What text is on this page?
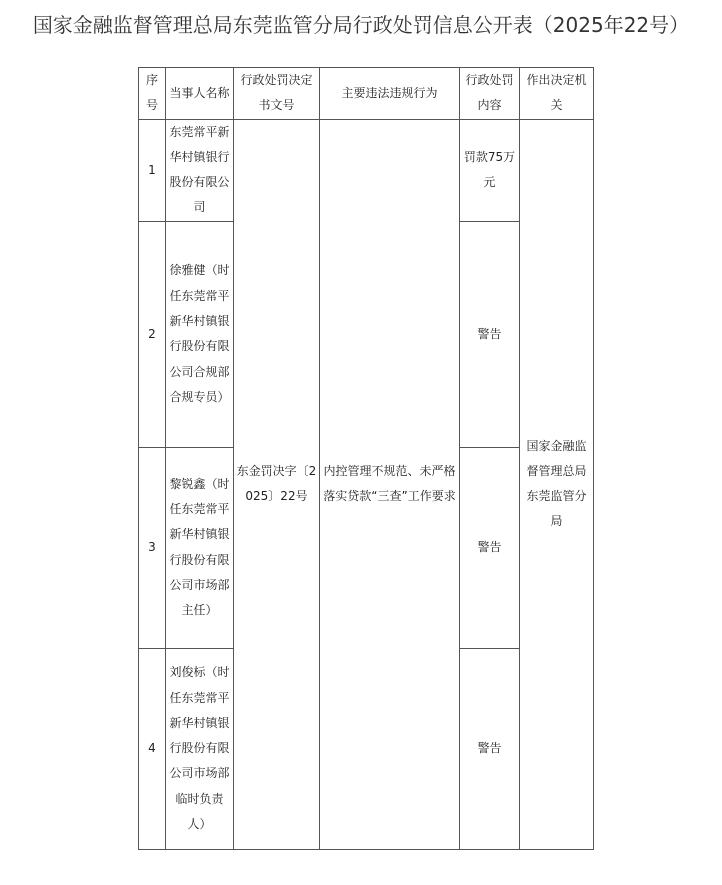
国家金融监督管理总局东莞监管分局行政处罚信息公开表（2025年22号）
序号	当事人名称	行政处罚决定书文号	主要违法违规行为	行政处罚内容	作出决定机关
1	东莞常平新华村镇银行股份有限公司	东金罚决字〔2025〕22号	内控管理不规范、未严格落实贷款“三查”工作要求	罚款75万元	国家金融监督管理总局东莞监管分局
2	徐雅健（时任东莞常平新华村镇银行股份有限公司合规部合规专员）			警告	
3	黎锐鑫（时任东莞常平新华村镇银行股份有限公司市场部主任）			警告	
4	刘俊标（时任东莞常平新华村镇银行股份有限公司市场部临时负责人）			警告	
